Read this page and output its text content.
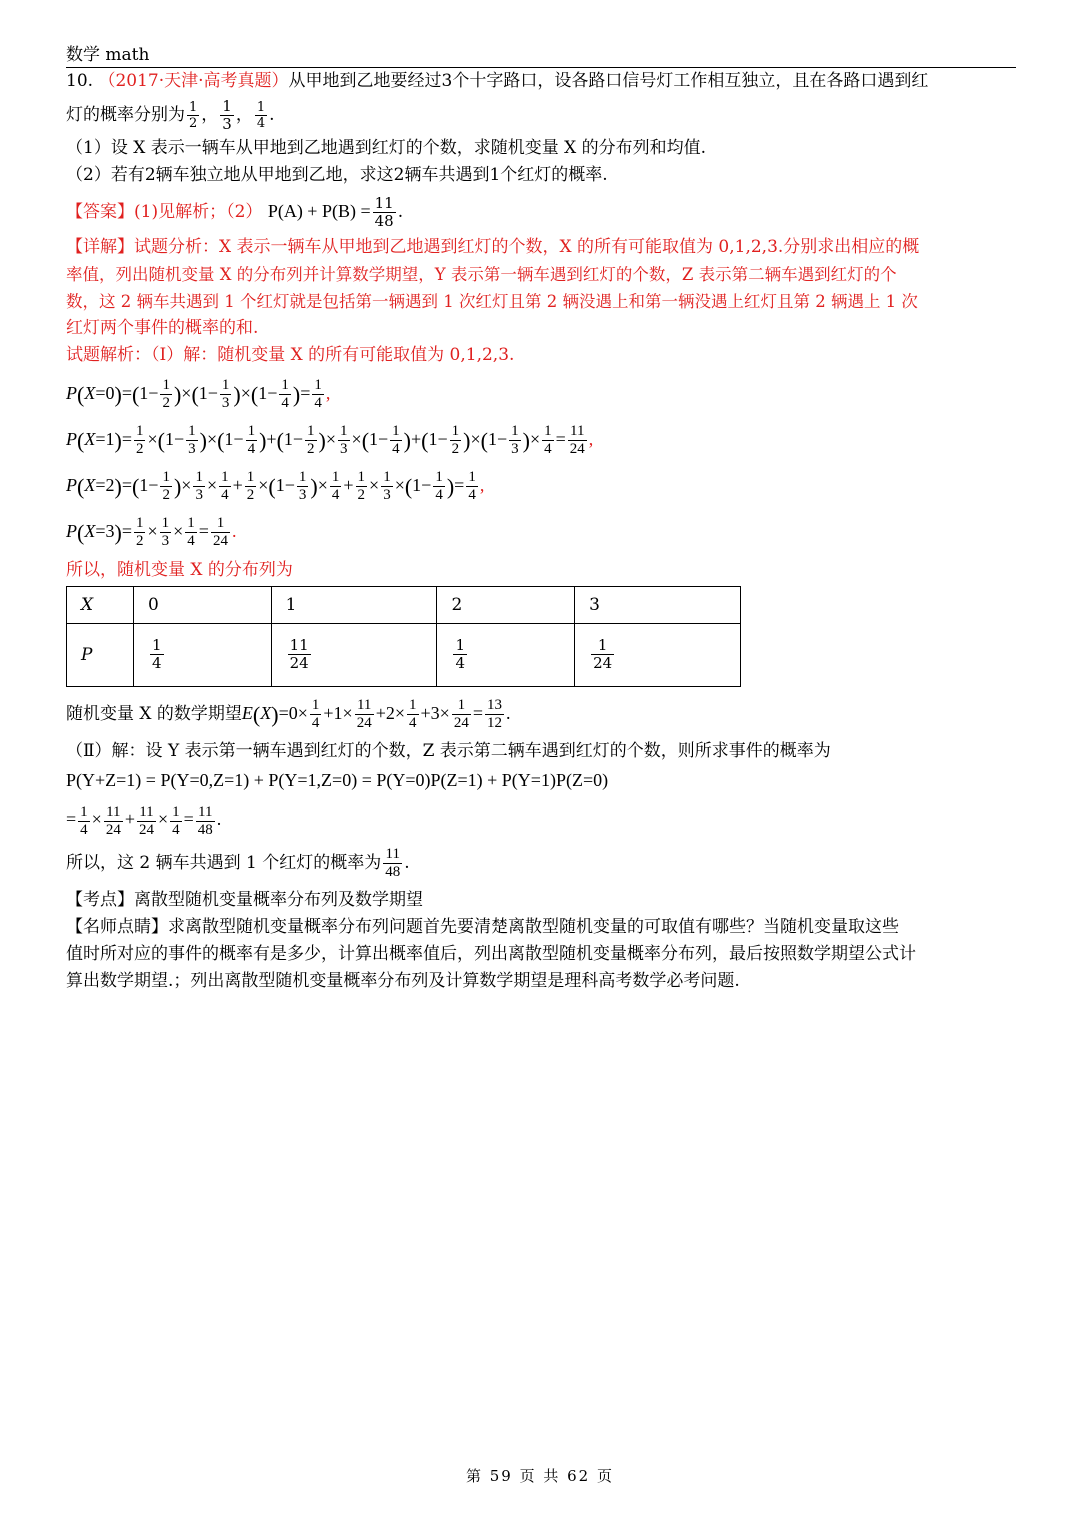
数学 math

10. （2017·天津·高考真题）从甲地到乙地要经过3个十字路口，设各路口信号灯工作相互独立，且在各路口遇到红

灯的概率分别为 $\frac{1}{2}$ ， $\frac{1}{3}$ ， $\frac{1}{4}$ .

（1）设 X 表示一辆车从甲地到乙地遇到红灯的个数，求随机变量 X 的分布列和均值.

（2）若有2辆车独立地从甲地到乙地，求这2辆车共遇到1个红灯的概率.

【答案】(1)见解析；（2） $P(A) + P(B) = \frac{11}{48}$ .

【详解】试题分析：X 表示一辆车从甲地到乙地遇到红灯的个数，X 的所有可能取值为 0,1,2,3.分别求出相应的概

率值，列出随机变量 X 的分布列并计算数学期望，Y 表示第一辆车遇到红灯的个数，Z 表示第二辆车遇到红灯的个

数，这 2 辆车共遇到 1 个红灯就是包括第一辆遇到 1 次红灯且第 2 辆没遇上和第一辆没遇上红灯且第 2 辆遇上 1 次

红灯两个事件的概率的和.

试题解析：（Ⅰ）解：随机变量 X 的所有可能取值为 0,1,2,3.

$P(X=0)=(1- \frac{1}{2} )\times(1- \frac{1}{3} )\times(1- \frac{1}{4}$ )= $\frac{1}{4}$ ,
$P(X=1)= \frac{1}{2} \times(1- \frac{1}{3} )\times(1- \frac{1}{4} )+(1- \frac{1}{2}$ )× $\frac{1}{3} \times(1- \frac{1}{4} )+(1- \frac{1}{2} )\times(1- \frac{1}{3}$ )× $\frac{1}{4} = \frac{11}{24}$ ,
$P(X=2)=(1- \frac{1}{2}$ )× $\frac{1}{3} \times \frac{1}{4} + \frac{1}{2} \times(1- \frac{1}{3}$ )× $\frac{1}{4} + \frac{1}{2} \times \frac{1}{3} \times(1- \frac{1}{4}$ )= $\frac{1}{4}$ ,
$P(X=3)= \frac{1}{2} \times \frac{1}{3} \times \frac{1}{4} = \frac{1}{24}$ .

所以，随机变量 X 的分布列为

X	0	1	2	3
P	$\frac{1}{4}$	$\frac{11}{24}$	$\frac{1}{4}$	$\frac{1}{24}$
随机变量 X 的数学期望$E(X)=0\times \frac{1}{4} +1\times \frac{11}{24} +2\times \frac{1}{4} +3\times \frac{1}{24} = \frac{13}{12}$ .

（Ⅱ）解：设 Y 表示第一辆车遇到红灯的个数，Z 表示第二辆车遇到红灯的个数，则所求事件的概率为

P(Y+Z=1) = P(Y=0,Z=1) + P(Y=1,Z=0) = P(Y=0)P(Z=1) + P(Y=1)P(Z=0)

= $\frac{1}{4} \times \frac{11}{24} + \frac{11}{24} \times \frac{1}{4} = \frac{11}{48}$ .
所以，这 2 辆车共遇到 1 个红灯的概率为 $\frac{11}{48}$ .

【考点】离散型随机变量概率分布列及数学期望

【名师点睛】求离散型随机变量概率分布列问题首先要清楚离散型随机变量的可取值有哪些？当随机变量取这些

值时所对应的事件的概率有是多少，计算出概率值后，列出离散型随机变量概率分布列，最后按照数学期望公式计

算出数学期望.；列出离散型随机变量概率分布列及计算数学期望是理科高考数学必考问题.

第 59 页 共 62 页
